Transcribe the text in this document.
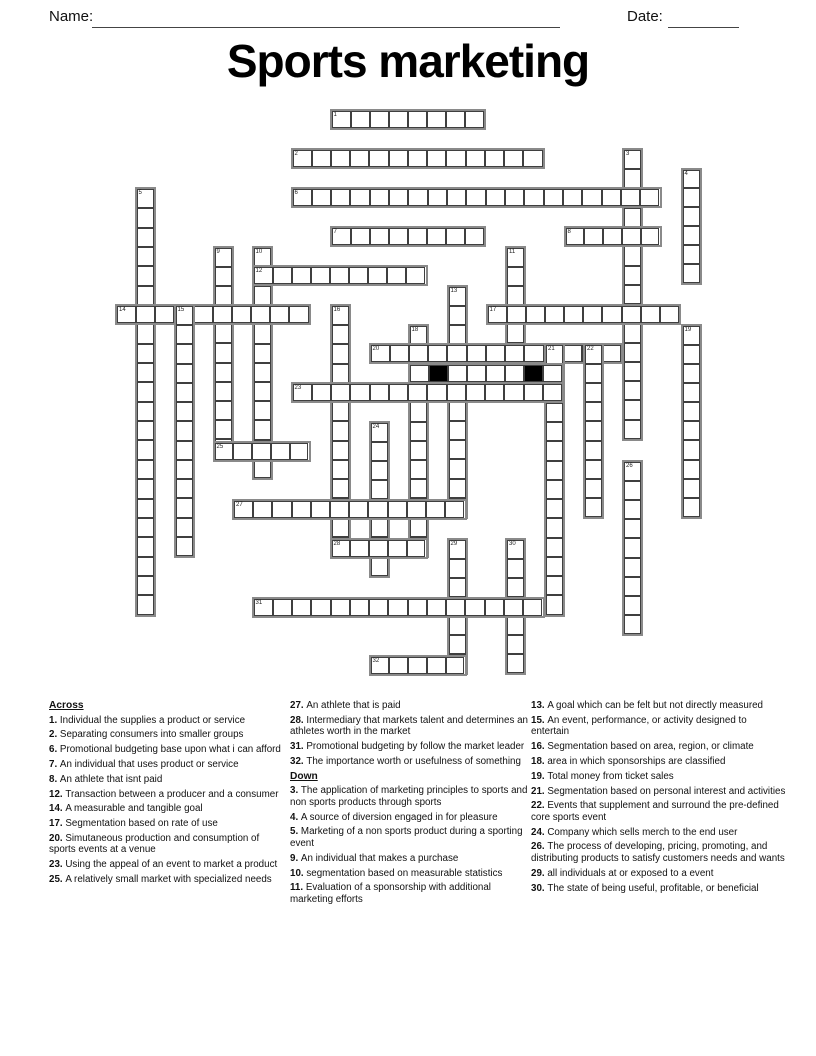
Name:	Date:
Sports marketing
1
2	3
4
5	6
7	8
9	10	11
12
13
14	15	16	17
18	19
20	21	22
23
24
25
26
27
28	29	30
31
32

Across

1. Individual the supplies a product or service

2. Separating consumers into smaller groups

6. Promotional budgeting base upon what i can afford

7. An individual that uses product or service

8. An athlete that isnt paid

12. Transaction between a producer and a consumer

14. A measurable and tangible goal

17. Segmentation based on rate of use

20. Simutaneous production and consumption of sports events at a venue

23. Using the appeal of an event to market a product

25. A relatively small market with specialized needs

27. An athlete that is paid

28. Intermediary that markets talent and determines an athletes worth in the market

31. Promotional budgeting by follow the market leader

32. The importance worth or usefulness of something

Down

3. The application of marketing principles to sports and non sports products through sports

4. A source of diversion engaged in for pleasure

5. Marketing of a non sports product during a sporting event

9. An individual that makes a purchase

10. segmentation based on measurable statistics

11. Evaluation of a sponsorship with additional marketing efforts

13. A goal which can be felt but not directly measured

15. An event, performance, or activity designed to entertain

16. Segmentation based on area, region, or climate

18. area in which sponsorships are classified

19. Total money from ticket sales

21. Segmentation based on personal interest and activities

22. Events that supplement and surround the pre-defined core sports event

24. Company which sells merch to the end user

26. The process of developing, pricing, promoting, and distributing products to satisfy customers needs and wants

29. all individuals at or exposed to a event

30. The state of being useful, profitable, or beneficial
